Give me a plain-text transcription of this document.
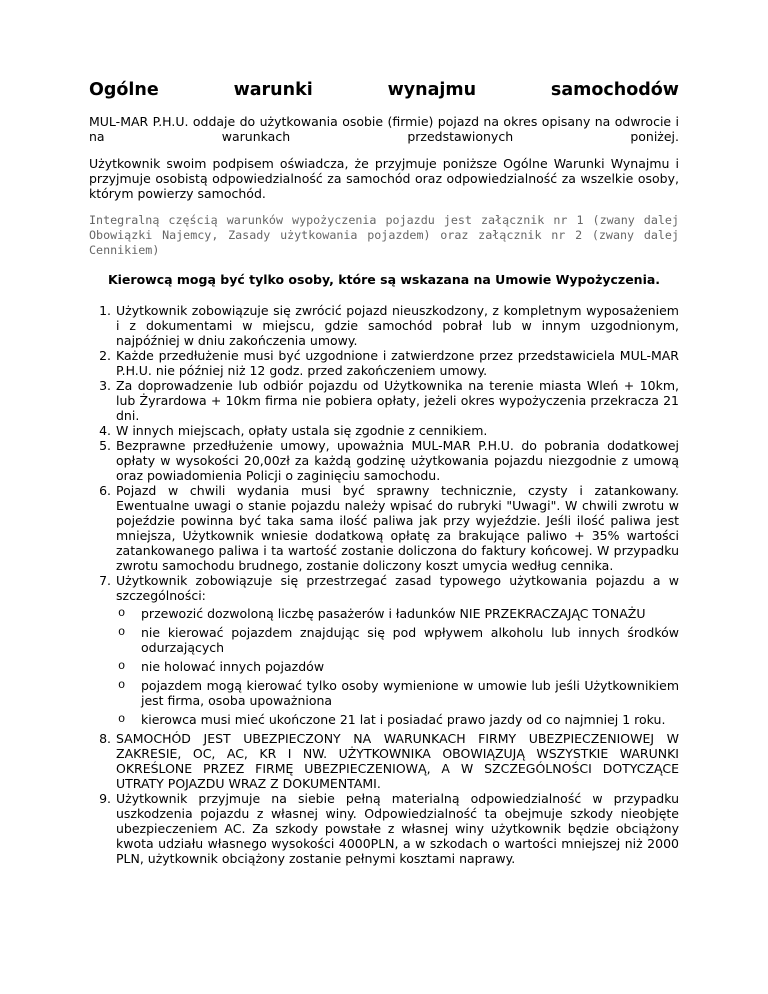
Ogólne	warunki	wynajmu	samochodów

MUL-MAR P.H.U. oddaje do użytkowania osobie (firmie) pojazd na okres opisany na odwrocie i na warunkach przedstawionych poniżej.

Użytkownik swoim podpisem oświadcza, że przyjmuje poniższe Ogólne Warunki Wynajmu i przyjmuje osobistą odpowiedzialność za samochód oraz odpowiedzialność za wszelkie osoby, którym powierzy samochód.

Integralną częścią warunków wypożyczenia pojazdu jest załącznik nr 1 (zwany dalej Obowiązki Najemcy, Zasady użytkowania pojazdem) oraz załącznik nr 2 (zwany dalej Cennikiem)

Kierowcą mogą być tylko osoby, które są wskazana na Umowie Wypożyczenia.

1. Użytkownik zobowiązuje się zwrócić pojazd nieuszkodzony, z kompletnym wyposażeniem i z dokumentami w miejscu, gdzie samochód pobrał lub w innym uzgodnionym, najpóźniej w dniu zakończenia umowy.
2. Każde przedłużenie musi być uzgodnione i zatwierdzone przez przedstawiciela MUL-MAR P.H.U. nie później niż 12 godz. przed zakończeniem umowy.
3. Za doprowadzenie lub odbiór pojazdu od Użytkownika na terenie miasta Wleń + 10km, lub Żyrardowa + 10km firma nie pobiera opłaty, jeżeli okres wypożyczenia przekracza 21 dni.
4. W innych miejscach, opłaty ustala się zgodnie z cennikiem.
5. Bezprawne przedłużenie umowy, upoważnia MUL-MAR P.H.U. do pobrania dodatkowej opłaty w wysokości 20,00zł za każdą godzinę użytkowania pojazdu niezgodnie z umową oraz powiadomienia Policji o zaginięciu samochodu.
6. Pojazd w chwili wydania musi być sprawny technicznie, czysty i zatankowany. Ewentualne uwagi o stanie pojazdu należy wpisać do rubryki "Uwagi". W chwili zwrotu w pojeździe powinna być taka sama ilość paliwa jak przy wyjeździe. Jeśli ilość paliwa jest mniejsza, Użytkownik wniesie dodatkową opłatę za brakujące paliwo + 35% wartości zatankowanego paliwa i ta wartość zostanie doliczona do faktury końcowej. W przypadku zwrotu samochodu brudnego, zostanie doliczony koszt umycia według cennika.
7. Użytkownik zobowiązuje się przestrzegać zasad typowego użytkowania pojazdu a w szczególności:
o przewozić dozwoloną liczbę pasażerów i ładunków NIE PRZEKRACZAJĄC TONAŻU
o nie kierować pojazdem znajdując się pod wpływem alkoholu lub innych środków odurzających
o nie holować innych pojazdów
o pojazdem mogą kierować tylko osoby wymienione w umowie lub jeśli Użytkownikiem jest firma, osoba upoważniona
o kierowca musi mieć ukończone 21 lat i posiadać prawo jazdy od co najmniej 1 roku.
8. SAMOCHÓD JEST UBEZPIECZONY NA WARUNKACH FIRMY UBEZPIECZENIOWEJ W ZAKRESIE, OC, AC, KR I NW. UŻYTKOWNIKA OBOWIĄZUJĄ WSZYSTKIE WARUNKI OKREŚLONE PRZEZ FIRMĘ UBEZPIECZENIOWĄ, A W SZCZEGÓLNOŚCI DOTYCZĄCE UTRATY POJAZDU WRAZ Z DOKUMENTAMI.
9. Użytkownik przyjmuje na siebie pełną materialną odpowiedzialność w przypadku uszkodzenia pojazdu z własnej winy. Odpowiedzialność ta obejmuje szkody nieobjęte ubezpieczeniem AC. Za szkody powstałe z własnej winy użytkownik będzie obciążony kwota udziału własnego wysokości 4000PLN, a w szkodach o wartości mniejszej niż 2000 PLN, użytkownik obciążony zostanie pełnymi kosztami naprawy.
